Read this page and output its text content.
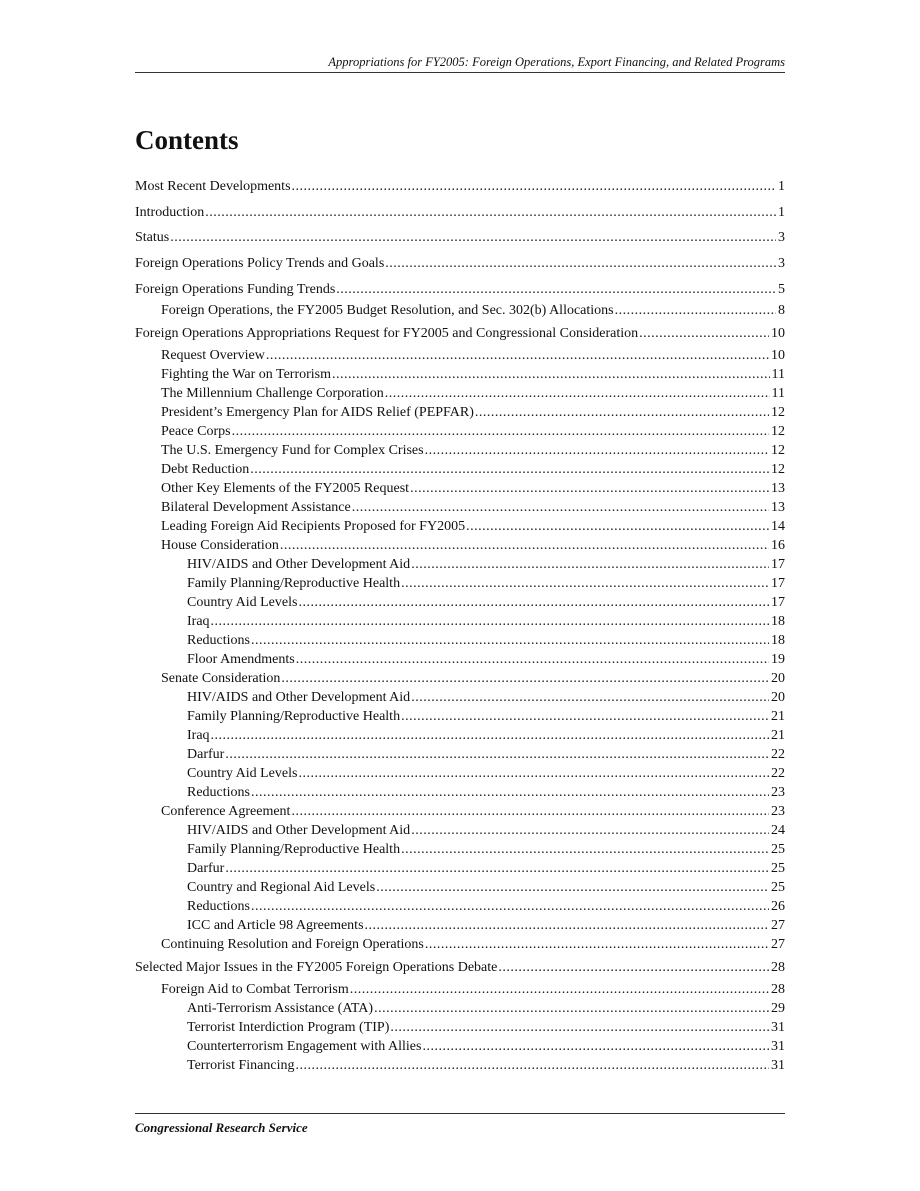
Appropriations for FY2005: Foreign Operations, Export Financing, and Related Programs
Contents
Most Recent Developments .....	1
Introduction .....	1
Status .....	3
Foreign Operations Policy Trends and Goals .....	3
Foreign Operations Funding Trends .....	5
Foreign Operations, the FY2005 Budget Resolution, and Sec. 302(b) Allocations .....	8
Foreign Operations Appropriations Request for FY2005 and Congressional Consideration .....	10
Request Overview .....	10
Fighting the War on Terrorism .....	11
The Millennium Challenge Corporation .....	11
President’s Emergency Plan for AIDS Relief (PEPFAR) .....	12
Peace Corps .....	12
The U.S. Emergency Fund for Complex Crises .....	12
Debt Reduction .....	12
Other Key Elements of the FY2005 Request .....	13
Bilateral Development Assistance .....	13
Leading Foreign Aid Recipients Proposed for FY2005 .....	14
House Consideration .....	16
HIV/AIDS and Other Development Aid .....	17
Family Planning/Reproductive Health .....	17
Country Aid Levels .....	17
Iraq .....	18
Reductions .....	18
Floor Amendments .....	19
Senate Consideration .....	20
HIV/AIDS and Other Development Aid .....	20
Family Planning/Reproductive Health .....	21
Iraq .....	21
Darfur .....	22
Country Aid Levels .....	22
Reductions .....	23
Conference Agreement .....	23
HIV/AIDS and Other Development Aid .....	24
Family Planning/Reproductive Health .....	25
Darfur .....	25
Country and Regional Aid Levels .....	25
Reductions .....	26
ICC and Article 98 Agreements .....	27
Continuing Resolution and Foreign Operations .....	27
Selected Major Issues in the FY2005 Foreign Operations Debate .....	28
Foreign Aid to Combat Terrorism .....	28
Anti-Terrorism Assistance (ATA) .....	29
Terrorist Interdiction Program (TIP) .....	31
Counterterrorism Engagement with Allies .....	31
Terrorist Financing .....	31
Congressional Research Service
